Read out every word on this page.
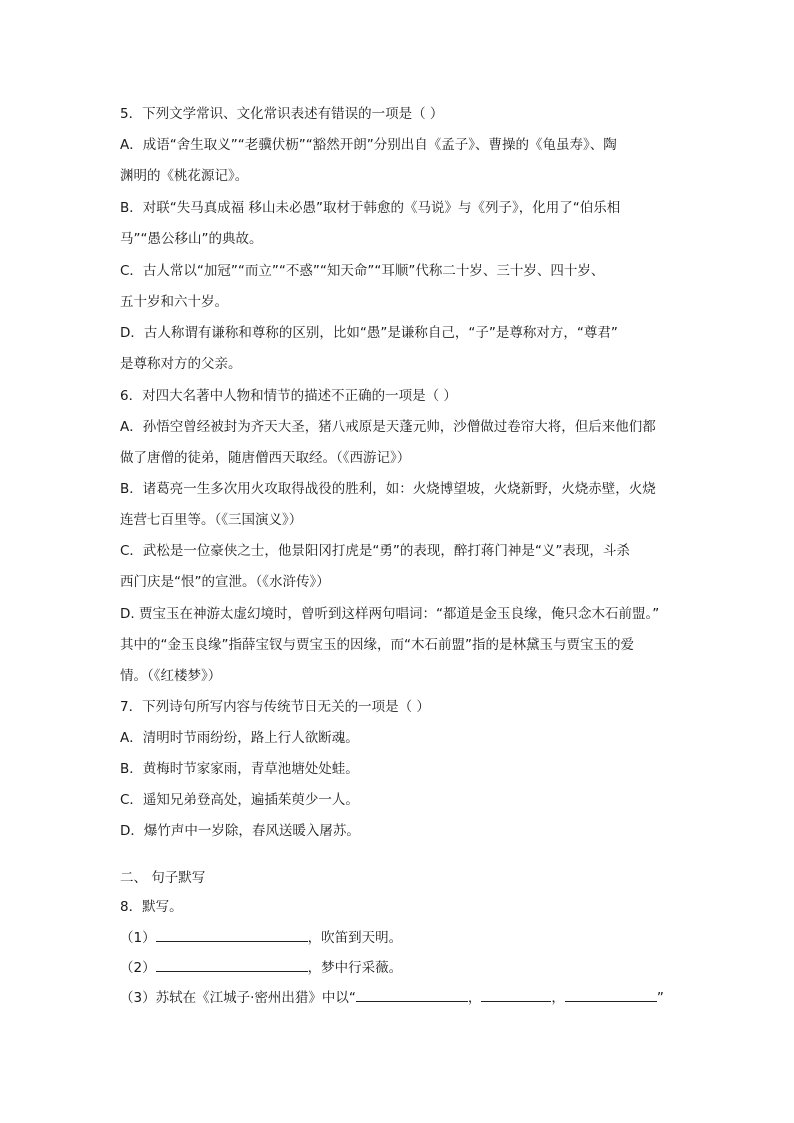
5．下列文学常识、文化常识表述有错误的一项是（ ）
A．成语“舍生取义”“老骥伏枥”“豁然开朗”分别出自《孟子》、曹操的《龟虽寿》、陶
渊明的《桃花源记》。
B．对联“失马真成福 移山未必愚”取材于韩愈的《马说》与《列子》，化用了“伯乐相
马”“愚公移山”的典故。
C．古人常以“加冠”“而立”“不惑”“知天命”“耳顺”代称二十岁、三十岁、四十岁、
五十岁和六十岁。
D．古人称谓有谦称和尊称的区别，比如“愚”是谦称自己，“子”是尊称对方，“尊君”
是尊称对方的父亲。
6．对四大名著中人物和情节的描述不正确的一项是（ ）
A．孙悟空曾经被封为齐天大圣，猪八戒原是天蓬元帅，沙僧做过卷帘大将，但后来他们都
做了唐僧的徒弟，随唐僧西天取经。（《西游记》）
B．诸葛亮一生多次用火攻取得战役的胜利，如：火烧博望坡，火烧新野，火烧赤壁，火烧
连营七百里等。（《三国演义》）
C．武松是一位豪侠之士，他景阳冈打虎是“勇”的表现，醉打蒋门神是“义”表现，斗杀
西门庆是“恨”的宣泄。（《水浒传》）
D. 贾宝玉在神游太虚幻境时，曾听到这样两句唱词：“都道是金玉良缘，俺只念木石前盟。”
其中的“金玉良缘”指薛宝钗与贾宝玉的因缘，而“木石前盟”指的是林黛玉与贾宝玉的爱
情。（《红楼梦》）
7．下列诗句所写内容与传统节日无关的一项是（ ）
A．清明时节雨纷纷，路上行人欲断魂。
B．黄梅时节家家雨，青草池塘处处蛙。
C．遥知兄弟登高处，遍插茱萸少一人。
D．爆竹声中一岁除，春风送暖入屠苏。
二、 句子默写
8．默写。
（1）	，吹笛到天明。
（2）	，梦中行采薇。
（3）苏轼在《江城子·密州出猎》中以“	，	，	”
